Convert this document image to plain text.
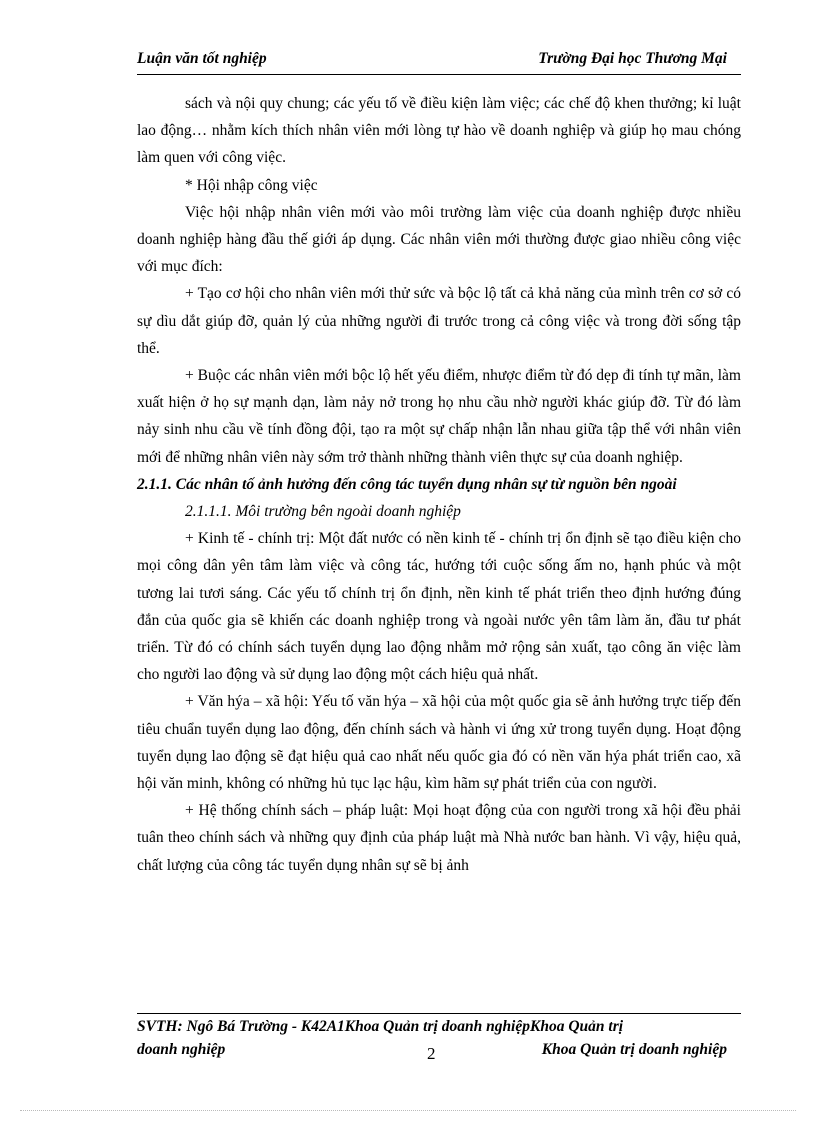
Luận văn tốt nghiệp	Trường Đại học Thương Mại

sách và nội quy chung; các yếu tố về điều kiện làm việc; các chế độ khen thưởng; kỉ luật lao động… nhằm kích thích nhân viên mới lòng tự hào về doanh nghiệp và giúp họ mau chóng làm quen với công việc.

* Hội nhập công việc

Việc hội nhập nhân viên mới vào môi trường làm việc của doanh nghiệp được nhiều doanh nghiệp hàng đầu thế giới áp dụng. Các nhân viên mới thường được giao nhiều công việc với mục đích:

+ Tạo cơ hội cho nhân viên mới thử sức và bộc lộ tất cả khả năng của mình trên cơ sở có sự dìu dắt giúp đỡ, quản lý của những người đi trước trong cả công việc và trong đời sống tập thể.

+ Buộc các nhân viên mới bộc lộ hết yếu điểm, nhược điểm từ đó dẹp đi tính tự mãn, làm xuất hiện ở họ sự mạnh dạn, làm nảy nở trong họ nhu cầu nhờ người khác giúp đỡ. Từ đó làm nảy sinh nhu cầu về tính đồng đội, tạo ra một sự chấp nhận lẫn nhau giữa tập thể với nhân viên mới để những nhân viên này sớm trở thành những thành viên thực sự của doanh nghiệp.

2.1.1. Các nhân tố ảnh hưởng đến công tác tuyển dụng nhân sự từ nguồn bên ngoài
2.1.1.1. Môi trường bên ngoài doanh nghiệp

+ Kinh tế - chính trị: Một đất nước có nền kinh tế - chính trị ổn định sẽ tạo điều kiện cho mọi công dân yên tâm làm việc và công tác, hướng tới cuộc sống ấm no, hạnh phúc và một tương lai tươi sáng. Các yếu tố chính trị ổn định, nền kinh tế phát triển theo định hướng đúng đắn của quốc gia sẽ khiến các doanh nghiệp trong và ngoài nước yên tâm làm ăn, đầu tư phát triển. Từ đó có chính sách tuyển dụng lao động nhằm mở rộng sản xuất, tạo công ăn việc làm cho người lao động và sử dụng lao động một cách hiệu quả nhất.

+ Văn hýa – xã hội: Yếu tố văn hýa – xã hội của một quốc gia sẽ ảnh hưởng trực tiếp đến tiêu chuẩn tuyển dụng lao động, đến chính sách và hành vi ứng xử trong tuyển dụng. Hoạt động tuyển dụng lao động sẽ đạt hiệu quả cao nhất nếu quốc gia đó có nền văn hýa phát triển cao, xã hội văn minh, không có những hủ tục lạc hậu, kìm hãm sự phát triển của con người.

+ Hệ thống chính sách – pháp luật: Mọi hoạt động của con người trong xã hội đều phải tuân theo chính sách và những quy định của pháp luật mà Nhà nước ban hành. Vì vậy, hiệu quả, chất lượng của công tác tuyển dụng nhân sự sẽ bị ảnh

SVTH: Ngô Bá Trường - K42A1Khoa Quản trị doanh nghiệpKhoa Quản trị
doanh nghiệp	2	Khoa Quản trị doanh nghiệp
